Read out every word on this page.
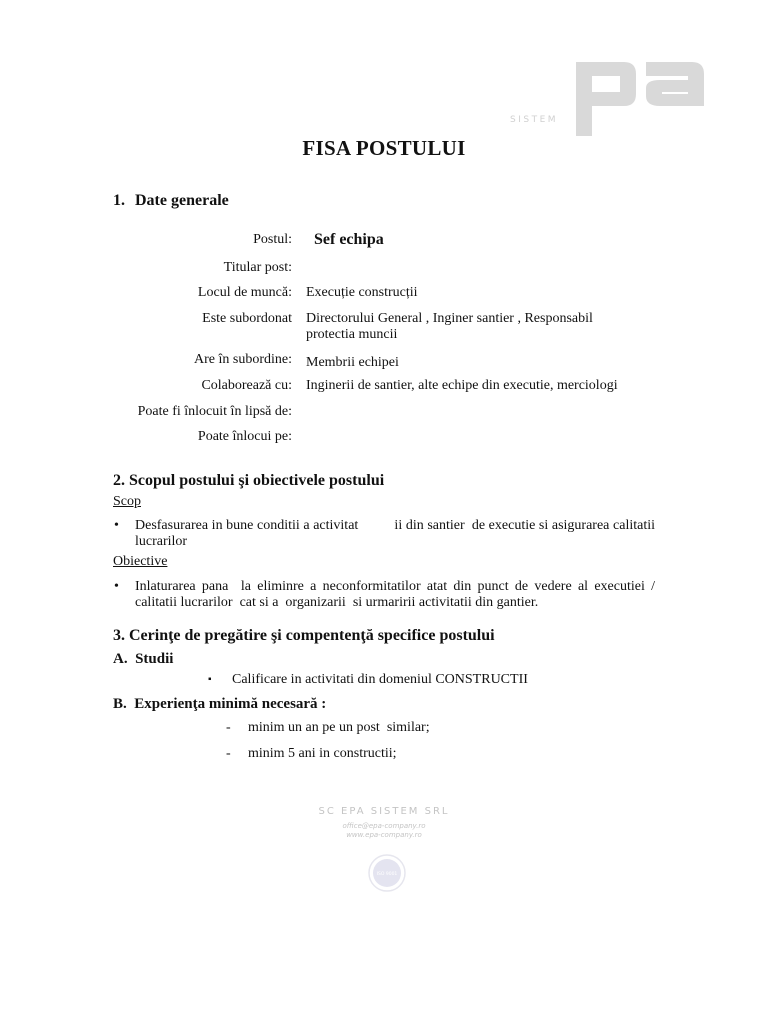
SISTEM
FISA POSTULUI
1. Date generale
Postul: Sef echipa
Titular post:
Locul de muncă: Execuție construcții
Este subordonat Directorului General , Inginer santier , Responsabil protectia muncii
Are în subordine: Membrii echipei
Colaborează cu: Inginerii de santier, alte echipe din executie, merciologi
Poate fi înlocuit în lipsă de:
Poate înlocui pe:
2. Scopul postului şi obiectivele postului
Scop
• Desfasurarea in bune conditii a activitat          ii din santier  de executie si asigurarea calitatii lucrarilor
Obiective
• Inlaturarea pana  la eliminre a neconformitatilor atat din punct de vedere al executiei / calitatii lucrarilor  cat si a  organizarii  si urmaririi activitatii din gantier.
3. Cerinţe de pregătire şi compentenţă specifice postului
A.  Studii
▪ Calificare in activitati din domeniul CONSTRUCTII
B.  Experienţa minimă necesară :
- minim un an pe un post  similar;
- minim 5 ani in constructii;
SC EPA SISTEM SRL
office@epa-company.ro
www.epa-company.ro
ISO 9001
